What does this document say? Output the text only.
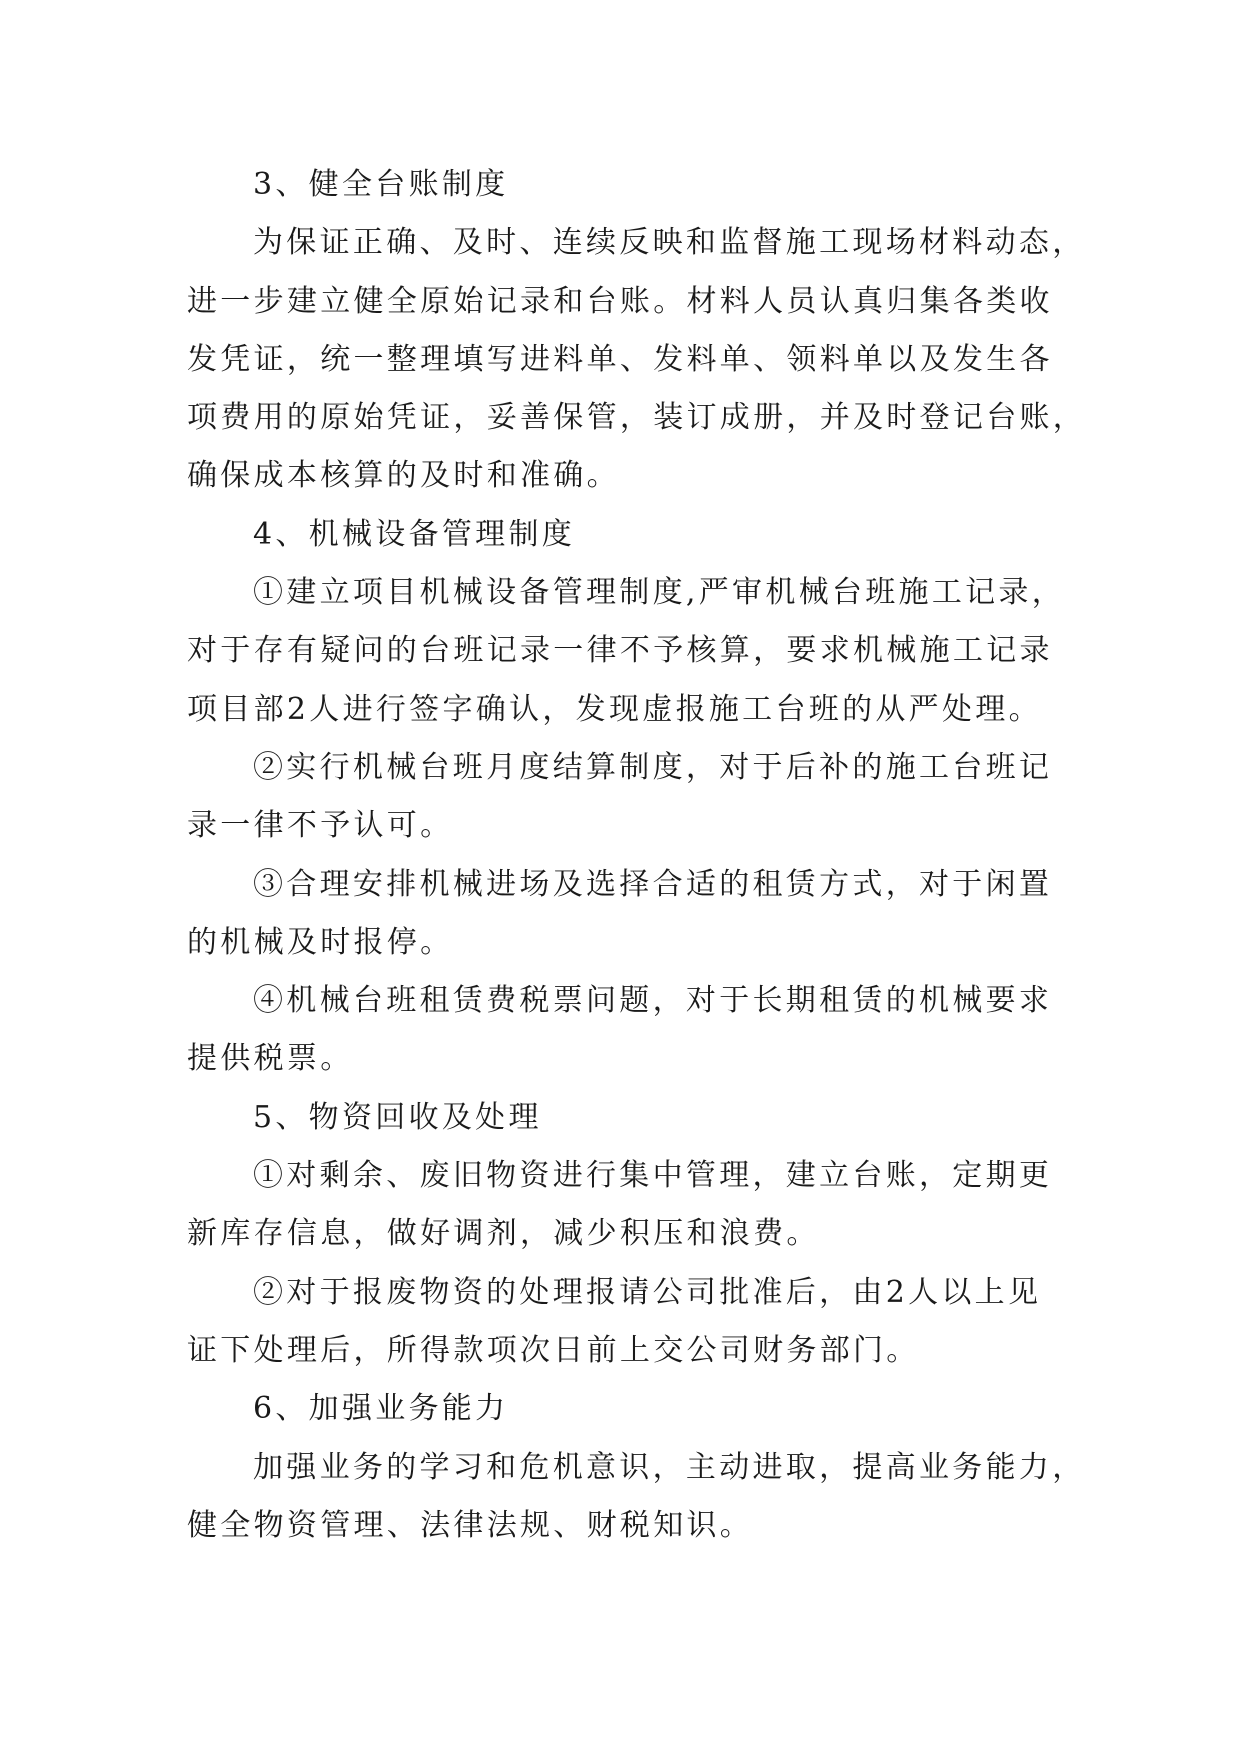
3、健全台账制度
为保证正确、及时、连续反映和监督施工现场材料动态，
进一步建立健全原始记录和台账。材料人员认真归集各类收
发凭证，统一整理填写进料单、发料单、领料单以及发生各
项费用的原始凭证，妥善保管，装订成册，并及时登记台账，
确保成本核算的及时和准确。
4、机械设备管理制度
①建立项目机械设备管理制度,严审机械台班施工记录，
对于存有疑问的台班记录一律不予核算，要求机械施工记录
项目部2人进行签字确认，发现虚报施工台班的从严处理。
②实行机械台班月度结算制度，对于后补的施工台班记
录一律不予认可。
③合理安排机械进场及选择合适的租赁方式，对于闲置
的机械及时报停。
④机械台班租赁费税票问题，对于长期租赁的机械要求
提供税票。
5、物资回收及处理
①对剩余、废旧物资进行集中管理，建立台账，定期更
新库存信息，做好调剂，减少积压和浪费。
②对于报废物资的处理报请公司批准后，由2人以上见
证下处理后，所得款项次日前上交公司财务部门。
6、加强业务能力
加强业务的学习和危机意识，主动进取，提高业务能力，
健全物资管理、法律法规、财税知识。
